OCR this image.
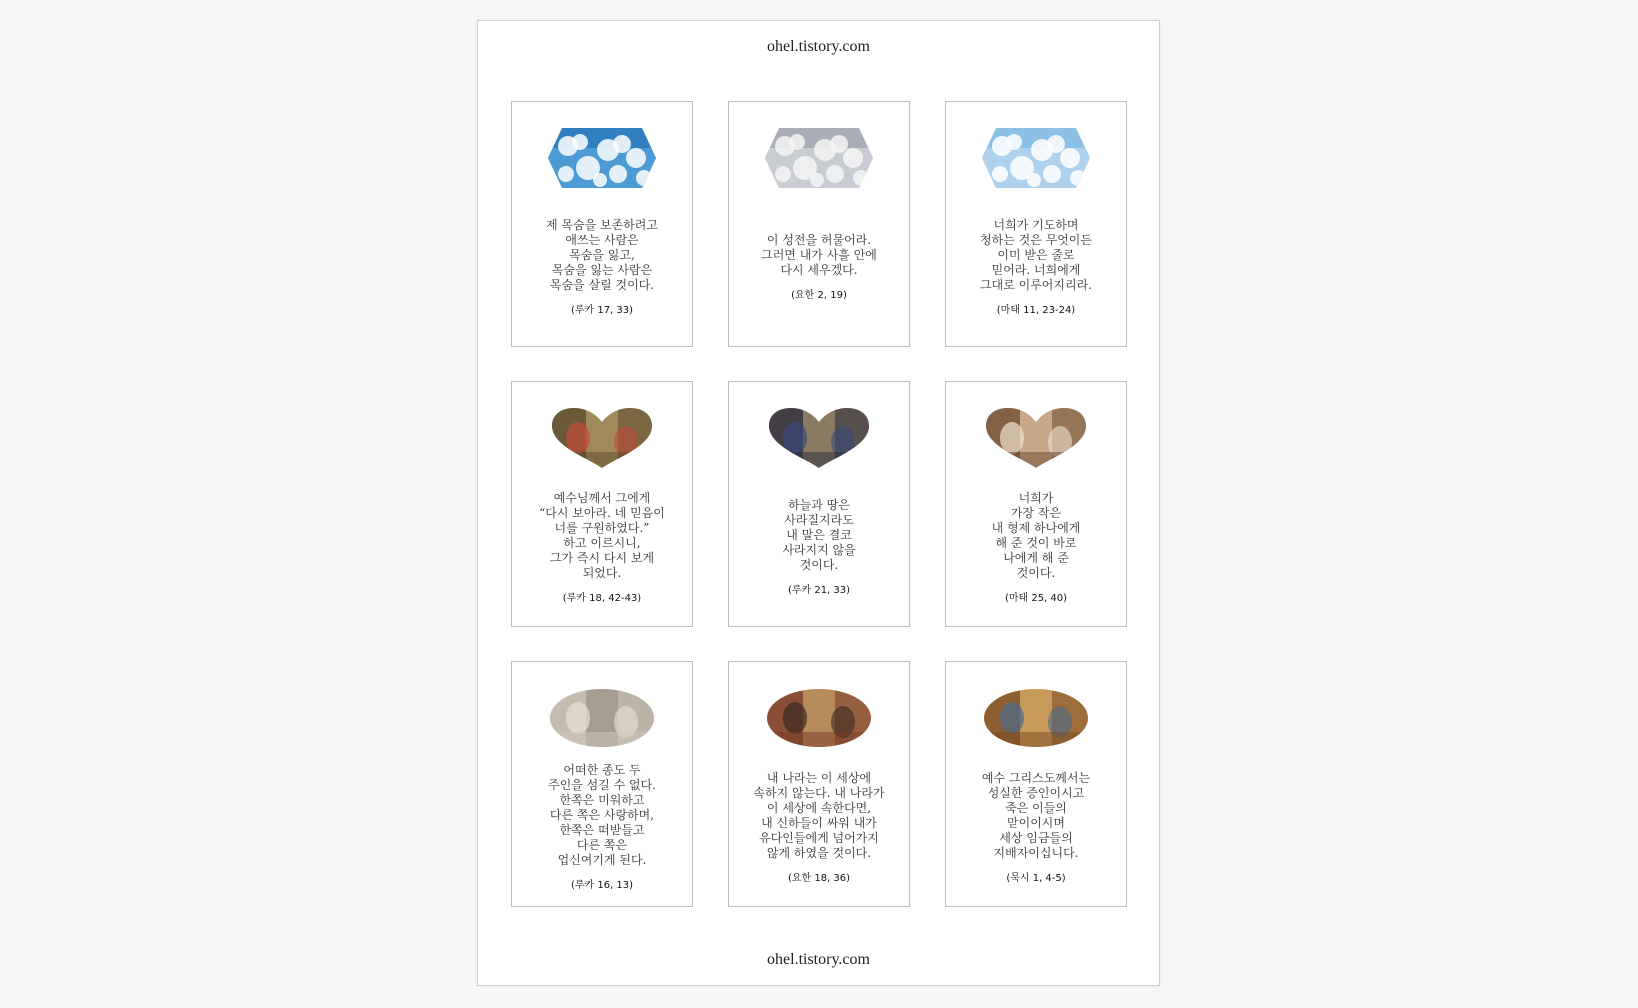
ohel.tistory.com
제 목숨을 보존하려고
애쓰는 사람은
목숨을 잃고,
목숨을 잃는 사람은
목숨을 살릴 것이다.
(루카 17, 33)
이 성전을 허물어라.
그러면 내가 사흘 안에
다시 세우겠다.
(요한 2, 19)
너희가 기도하며
청하는 것은 무엇이든
이미 받은 줄로
믿어라. 너희에게
그대로 이루어지리라.
(마태 11, 23-24)
예수님께서 그에게
“다시 보아라. 네 믿음이
너를 구원하였다.”
하고 이르시니,
그가 즉시 다시 보게
되었다.
(루카 18, 42-43)
하늘과 땅은
사라질지라도
내 말은 결코
사라지지 않을
것이다.
(루카 21, 33)
너희가
가장 작은
내 형제 하나에게
해 준 것이 바로
나에게 해 준
것이다.
(마태 25, 40)
어떠한 종도 두
주인을 섬길 수 없다.
한쪽은 미워하고
다른 쪽은 사랑하며,
한쪽은 떠받들고
다른 쪽은
업신여기게 된다.
(루카 16, 13)
내 나라는 이 세상에
속하지 않는다. 내 나라가
이 세상에 속한다면,
내 신하들이 싸워 내가
유다인들에게 넘어가지
않게 하였을 것이다.
(요한 18, 36)
예수 그리스도께서는
성실한 증인이시고
죽은 이들의
맏이이시며
세상 임금들의
지배자이십니다.
(묵시 1, 4-5)
ohel.tistory.com
